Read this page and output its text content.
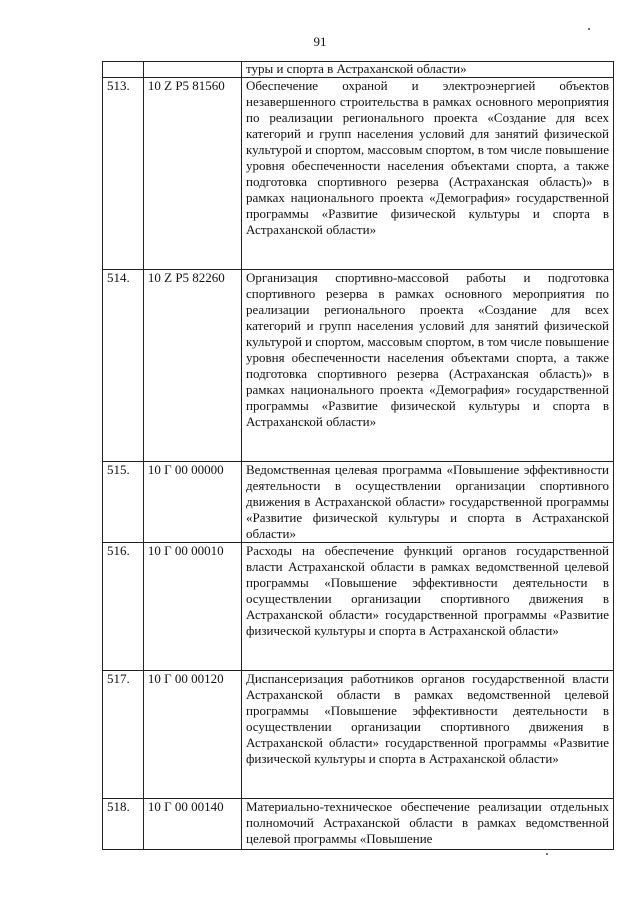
91
		туры и спорта в Астраханской области»
513.	10 Z P5 81560	Обеспечение охраной и электроэнергией объектов незавершенного строительства в рамках основного мероприятия по реализации регионального проекта «Создание для всех категорий и групп населения условий для занятий физической культурой и спортом, массовым спортом, в том числе повышение уровня обеспеченности населения объектами спорта, а также подготовка спортивного резерва (Астраханская область)» в рамках национального проекта «Демография» государственной программы «Развитие физической культуры и спорта в Астраханской области»
514.	10 Z P5 82260	Организация спортивно-массовой работы и подготовка спортивного резерва в рамках основного мероприятия по реализации регионального проекта «Создание для всех категорий и групп населения условий для занятий физической культурой и спортом, массовым спортом, в том числе повышение уровня обеспеченности населения объектами спорта, а также подготовка спортивного резерва (Астраханская область)» в рамках национального проекта «Демография» государственной программы «Развитие физической культуры и спорта в Астраханской области»
515.	10 Г 00 00000	Ведомственная целевая программа «Повышение эффективности деятельности в осуществлении организации спортивного движения в Астраханской области» государственной программы «Развитие физической культуры и спорта в Астраханской области»
516.	10 Г 00 00010	Расходы на обеспечение функций органов государственной власти Астраханской области в рамках ведомственной целевой программы «Повышение эффективности деятельности в осуществлении организации спортивного движения в Астраханской области» государственной программы «Развитие физической культуры и спорта в Астраханской области»
517.	10 Г 00 00120	Диспансеризация работников органов государственной власти Астраханской области в рамках ведомственной целевой программы «Повышение эффективности деятельности в осуществлении организации спортивного движения в Астраханской области» государственной программы «Развитие физической культуры и спорта в Астраханской области»
518.	10 Г 00 00140	Материально-техническое обеспечение реализации отдельных полномочий Астраханской области в рамках ведомственной целевой программы «Повышение
